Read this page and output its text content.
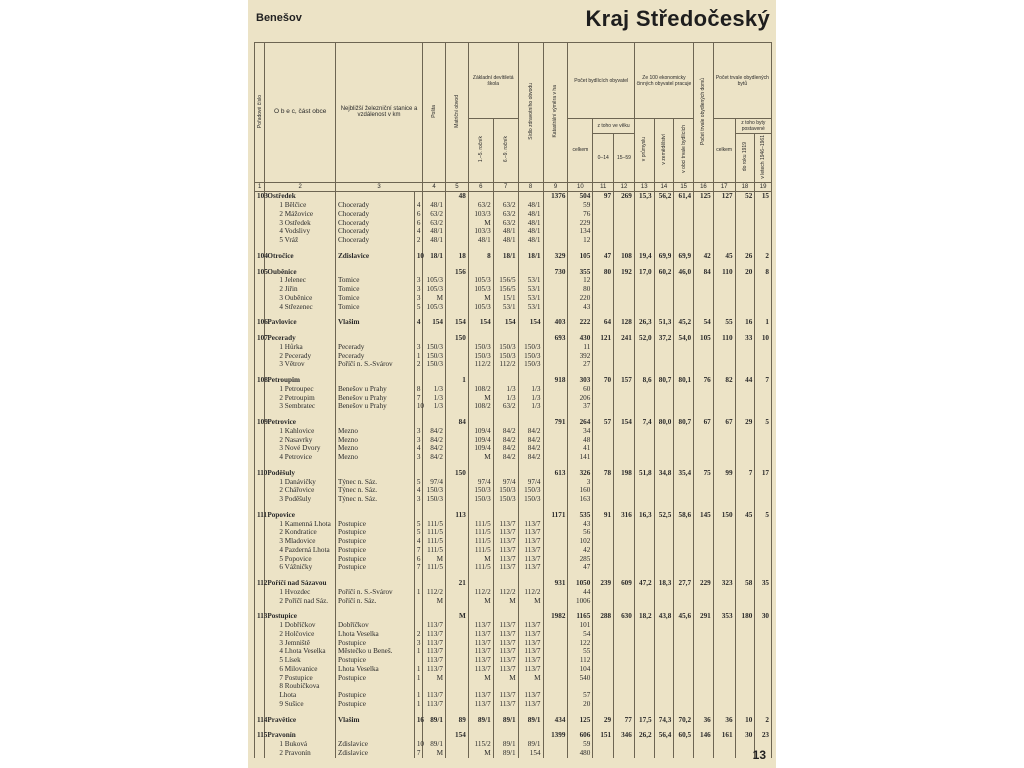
Benešov	Kraj Středočeský
Pořadové číslo	O b e c, část obce	Nejbližší železniční stanice a vzdálenost v km		Pošta	Matriční obvod	Základní devítiletá škola		Sídlo zdravotního obvodu	Katastrální výměra v ha	Počet bydlících obyvatel			Ze 100 ekonomicky činných obyvatel pracuje			Počet trvale obydlených domů	Počet trvale obydlených bytů		
						1.–5. ročník	6.–9. ročník			celkem	z toho ve věku		v průmyslu	v zemědělství	v obci trvale bydlících		celkem	z toho byty postavené	
											0–14	15–59						do roku 1919	v letech 1946–1961
1	2	3		4	5	6	7	8	9	10	11	12	13	14	15	16	17	18	19
103	Ostředek				48				1376	504	97	269	15,3	56,2	61,4	125	127	52	15
	1 Bělčice	Chocerady	4	48/1		63/2	63/2	48/1		59									
	2 Mážovice	Chocerady	6	63/2		103/3	63/2	48/1		76									
	3 Ostředek	Chocerady	6	63/2		M	63/2	48/1		229									
	4 Vodslivy	Chocerady	4	48/1		103/3	48/1	48/1		134									
	5 Vráž	Chocerady	2	48/1		48/1	48/1	48/1		12									

104	Otročice	Zdislavice	10	18/1	18	8	18/1	18/1	329	105	47	108	19,4	69,9	69,9	42	45	26	2

105	Ouběnice				156				730	355	80	192	17,0	60,2	46,0	84	110	20	8
	1 Jelenec	Tomice	3	105/3		105/3	156/5	53/1		12									
	2 Jiřin	Tomice	3	105/3		105/3	156/5	53/1		80									
	3 Ouběnice	Tomice	3	M		M	15/1	53/1		220									
	4 Střezenec	Tomice	5	105/3		105/3	53/1	53/1		43									

106	Pavlovice	Vlašim	4	154	154	154	154	154	403	222	64	128	26,3	51,3	45,2	54	55	16	1

107	Pecerady				150				693	430	121	241	52,0	37,2	54,0	105	110	33	10
	1 Hůrka	Pecerady	3	150/3		150/3	150/3	150/3		11									
	2 Pecerady	Pecerady	1	150/3		150/3	150/3	150/3		392									
	3 Větrov	Poříčí n. S.-Svárov	2	150/3		112/2	112/2	150/3		27									

108	Petroupim				1				918	303	70	157	8,6	80,7	80,1	76	82	44	7
	1 Petroupec	Benešov u Prahy	8	1/3		108/2	1/3	1/3		60									
	2 Petroupim	Benešov u Prahy	7	1/3		M	1/3	1/3		206									
	3 Sembratec	Benešov u Prahy	10	1/3		108/2	63/2	1/3		37									

109	Petrovice				84				791	264	57	154	7,4	80,0	80,7	67	67	29	5
	1 Kahlovice	Mezno	3	84/2		109/4	84/2	84/2		34									
	2 Nasavrky	Mezno	3	84/2		109/4	84/2	84/2		48									
	3 Nové Dvory	Mezno	4	84/2		109/4	84/2	84/2		41									
	4 Petrovice	Mezno	3	84/2		M	84/2	84/2		141									

110	Poděšuly				150				613	326	78	198	51,8	34,8	35,4	75	99	7	17
	1 Danávičky	Týnec n. Sáz.	5	97/4		97/4	97/4	97/4		3									
	2 Chářovice	Týnec n. Sáz.	4	150/3		150/3	150/3	150/3		160									
	3 Poděšuly	Týnec n. Sáz.	3	150/3		150/3	150/3	150/3		163									

111	Popovice				113				1171	535	91	316	16,3	52,5	58,6	145	150	45	5
	1 Kamenná Lhota	Postupice	5	111/5		111/5	113/7	113/7		43									
	2 Kondratice	Postupice	5	111/5		111/5	113/7	113/7		56									
	3 Mladovice	Postupice	4	111/5		111/5	113/7	113/7		102									
	4 Pazderná Lhota	Postupice	7	111/5		111/5	113/7	113/7		42									
	5 Popovice	Postupice	6	M		M	113/7	113/7		285									
	6 Vážničky	Postupice	7	111/5		111/5	113/7	113/7		47									

112	Poříčí nad Sázavou				21				931	1050	239	609	47,2	18,3	27,7	229	323	58	35
	1 Hvozdec	Poříčí n. S.-Svárov	1	112/2		112/2	112/2	112/2		44									
	2 Poříčí nad Sáz.	Poříčí n. Sáz.		M		M	M	M		1006									

113	Postupice				M				1982	1165	288	630	18,2	43,8	45,6	291	353	180	30
	1 Dobříčkov	Dobříčkov		113/7		113/7	113/7	113/7		101									
	2 Holčovice	Lhota Veselka	2	113/7		113/7	113/7	113/7		54									
	3 Jemniště	Postupice	3	113/7		113/7	113/7	113/7		122									
	4 Lhota Veselka	Městečko u Beneš.	1	113/7		113/7	113/7	113/7		55									
	5 Lísek	Postupice		113/7		113/7	113/7	113/7		112									
	6 Milovanice	Lhota Veselka	1	113/7		113/7	113/7	113/7		104									
	7 Postupice	Postupice	1	M		M	M	M		540									
	8 Roubíčkova																		
	Lhota	Postupice	1	113/7		113/7	113/7	113/7		57									
	9 Sušice	Postupice	1	113/7		113/7	113/7	113/7		20									

114	Pravětice	Vlašim	16	89/1	89	89/1	89/1	89/1	434	125	29	77	17,5	74,3	70,2	36	36	10	2

115	Pravonín				154				1399	606	151	346	26,2	56,4	60,5	146	161	30	23
	1 Buková	Zdislavice	10	89/1		115/2	89/1	89/1		59									
	2 Pravonín	Zdislavice	7	M		M	89/1	154		480										13
